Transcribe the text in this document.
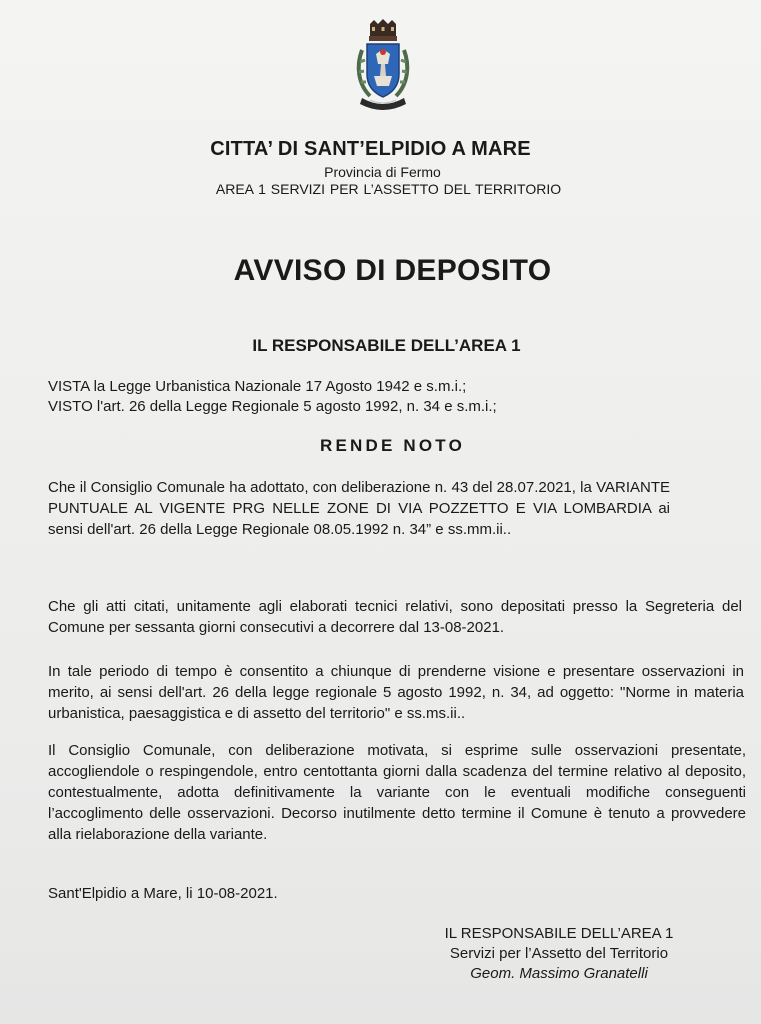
CITTA’ DI SANT’ELPIDIO A MARE
Provincia di Fermo
AREA 1 SERVIZI PER L’ASSETTO DEL TERRITORIO
AVVISO DI DEPOSITO
IL RESPONSABILE DELL’AREA 1
VISTA la Legge Urbanistica Nazionale 17 Agosto 1942 e s.m.i.;
VISTO l'art. 26 della Legge Regionale 5 agosto 1992, n. 34 e s.m.i.;
RENDE NOTO

Che il Consiglio Comunale ha adottato, con deliberazione n. 43 del 28.07.2021, la VARIANTE PUNTUALE AL VIGENTE PRG NELLE ZONE DI VIA POZZETTO E VIA LOMBARDIA ai sensi dell'art. 26 della Legge Regionale 08.05.1992 n. 34” e ss.mm.ii..

Che gli atti citati, unitamente agli elaborati tecnici relativi, sono depositati presso la Segreteria del Comune per sessanta giorni consecutivi a decorrere dal 13-08-2021.

In tale periodo di tempo è consentito a chiunque di prenderne visione e presentare osservazioni in merito, ai sensi dell'art. 26 della legge regionale 5 agosto 1992, n. 34, ad oggetto: "Norme in materia urbanistica, paesaggistica e di assetto del territorio" e ss.ms.ii..

Il Consiglio Comunale, con deliberazione motivata, si esprime sulle osservazioni presentate, accogliendole o respingendole, entro centottanta giorni dalla scadenza del termine relativo al deposito, contestualmente, adotta definitivamente la variante con le eventuali modifiche conseguenti l’accoglimento delle osservazioni. Decorso inutilmente detto termine il Comune è tenuto a provvedere alla rielaborazione della variante.

Sant'Elpidio a Mare, li 10-08-2021.
IL RESPONSABILE DELL’AREA 1
Servizi per l’Assetto del Territorio
Geom. Massimo Granatelli
